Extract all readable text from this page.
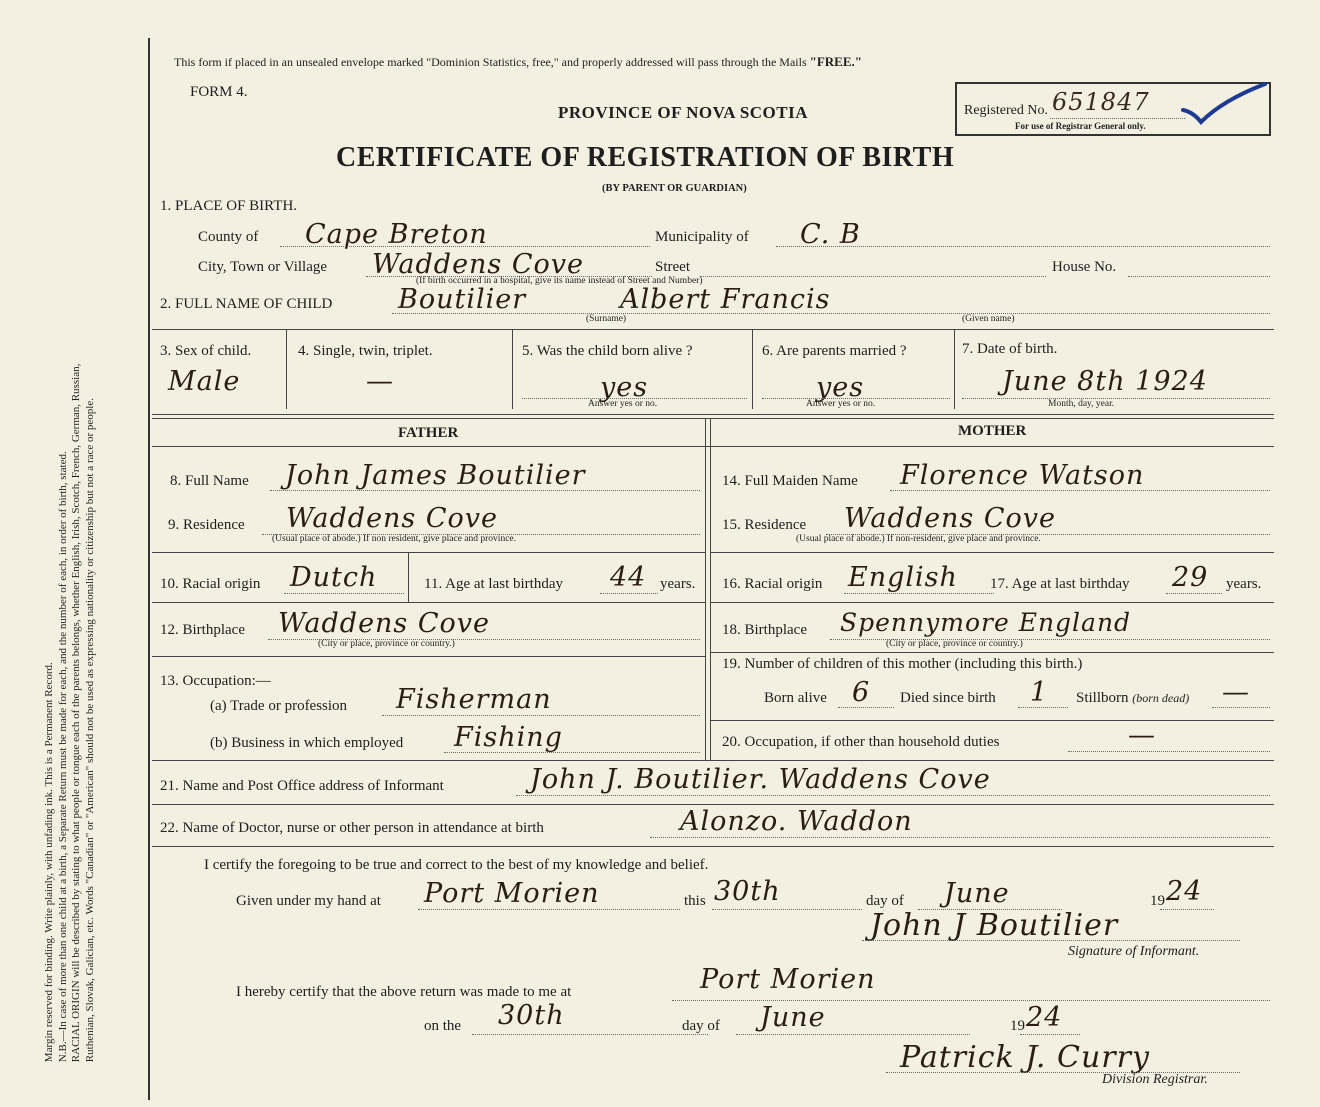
Margin reserved for binding. Write plainly, with unfading ink. This is a Permanent Record. N.B.—In case of more than one child at a birth, a Separate Return must be made for each, and the number of each, in order of birth, stated. RACIAL ORIGIN will be described by stating to what people or tongue each of the parents belongs, whether English, Irish, Scotch, French, German, Russian, Ruthenian, Slovak, Galician, etc. Words "Canadian" or "American" should not be used as expressing nationality or citizenship but not a race or people.
This form if placed in an unsealed envelope marked "Dominion Statistics, free," and properly addressed will pass through the Mails "FREE."
FORM 4.
PROVINCE OF NOVA SCOTIA
CERTIFICATE OF REGISTRATION OF BIRTH
(BY PARENT OR GUARDIAN)
Registered No. 651847
For use of Registrar General only.
1. PLACE OF BIRTH.
County of Cape Breton	Municipality of C. B
City, Town or Village Waddens Cove	Street	House No.
(If birth occurred in a hospital, give its name instead of Street and Number)
2. FULL NAME OF CHILD Boutilier	Albert Francis
(Surname)	(Given name)
3. Sex of child.
Male
4. Single, twin, triplet.
—
5. Was the child born alive ?
yes
Answer yes or no.
6. Are parents married ?
yes
Answer yes or no.
7. Date of birth.
June 8th 1924
Month, day, year.
FATHER	MOTHER
8. Full Name John James Boutilier
9. Residence Waddens Cove
(Usual place of abode.) If non resident, give place and province.
10. Racial origin Dutch	11. Age at last birthday 44 years.
12. Birthplace Waddens Cove
(City or place, province or country.)
13. Occupation:—
(a) Trade or profession Fisherman
(b) Business in which employed Fishing
14. Full Maiden Name Florence Watson
15. Residence Waddens Cove
(Usual place of abode.) If non-resident, give place and province.
16. Racial origin English 17. Age at last birthday 29 years.
18. Birthplace Spennymore England
(City or place, province or country.)
19. Number of children of this mother (including this birth.)
Born alive 6 Died since birth 1 Stillborn (born dead) —
20. Occupation, if other than household duties	—
21. Name and Post Office address of Informant	John J. Boutilier. Waddens Cove
22. Name of Doctor, nurse or other person in attendance at birth	Alonzo. Waddon
I certify the foregoing to be true and correct to the best of my knowledge and belief.
Given under my hand at Port Morien	this 30th	day of June	19 24
John J Boutilier
Signature of Informant.
I hereby certify that the above return was made to me at	Port Morien
on the 30th	day of June	19 24
Patrick J. Curry
Division Registrar.
